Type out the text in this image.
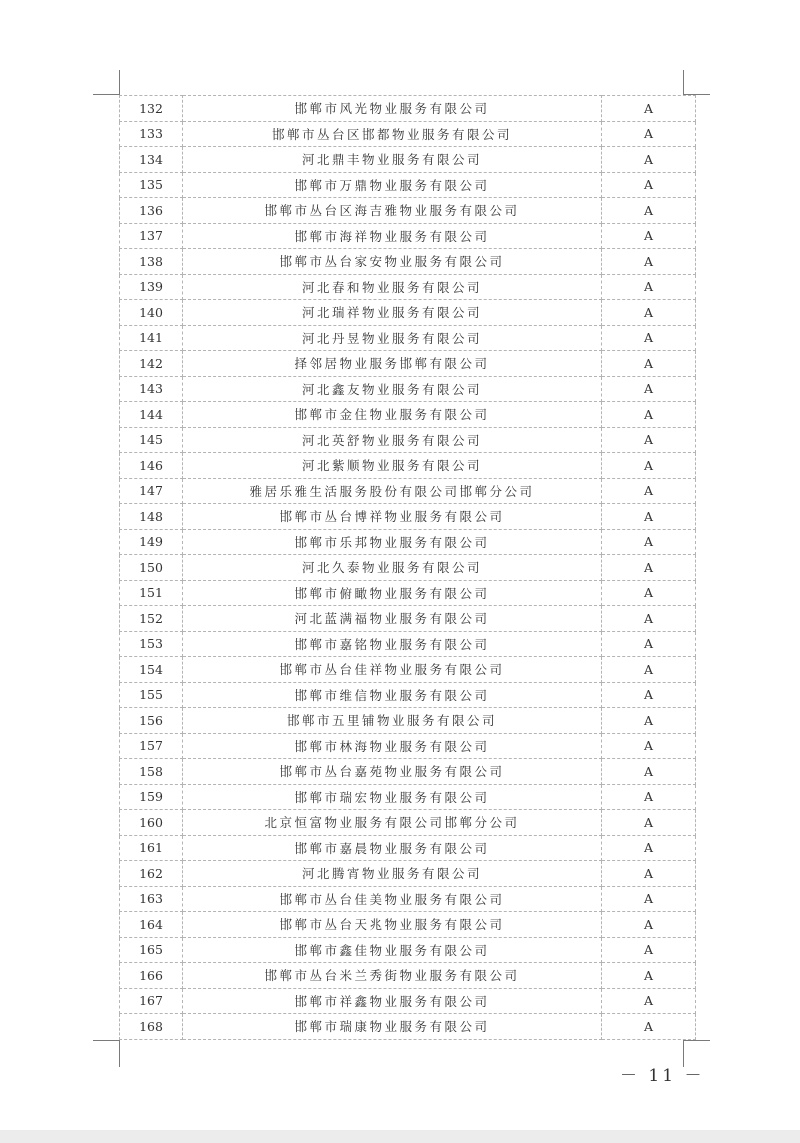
132	邯郸市风光物业服务有限公司	A
133	邯郸市丛台区邯都物业服务有限公司	A
134	河北鼎丰物业服务有限公司	A
135	邯郸市万鼎物业服务有限公司	A
136	邯郸市丛台区海吉雅物业服务有限公司	A
137	邯郸市海祥物业服务有限公司	A
138	邯郸市丛台家安物业服务有限公司	A
139	河北春和物业服务有限公司	A
140	河北瑞祥物业服务有限公司	A
141	河北丹昱物业服务有限公司	A
142	择邻居物业服务邯郸有限公司	A
143	河北鑫友物业服务有限公司	A
144	邯郸市金住物业服务有限公司	A
145	河北英舒物业服务有限公司	A
146	河北紫顺物业服务有限公司	A
147	雅居乐雅生活服务股份有限公司邯郸分公司	A
148	邯郸市丛台博祥物业服务有限公司	A
149	邯郸市乐邦物业服务有限公司	A
150	河北久泰物业服务有限公司	A
151	邯郸市俯瞰物业服务有限公司	A
152	河北蓝满福物业服务有限公司	A
153	邯郸市嘉铭物业服务有限公司	A
154	邯郸市丛台佳祥物业服务有限公司	A
155	邯郸市维信物业服务有限公司	A
156	邯郸市五里铺物业服务有限公司	A
157	邯郸市林海物业服务有限公司	A
158	邯郸市丛台嘉苑物业服务有限公司	A
159	邯郸市瑞宏物业服务有限公司	A
160	北京恒富物业服务有限公司邯郸分公司	A
161	邯郸市嘉晨物业服务有限公司	A
162	河北腾宵物业服务有限公司	A
163	邯郸市丛台佳美物业服务有限公司	A
164	邯郸市丛台天兆物业服务有限公司	A
165	邯郸市鑫佳物业服务有限公司	A
166	邯郸市丛台米兰秀街物业服务有限公司	A
167	邯郸市祥鑫物业服务有限公司	A
168	邯郸市瑞康物业服务有限公司	A
－ 11 －
